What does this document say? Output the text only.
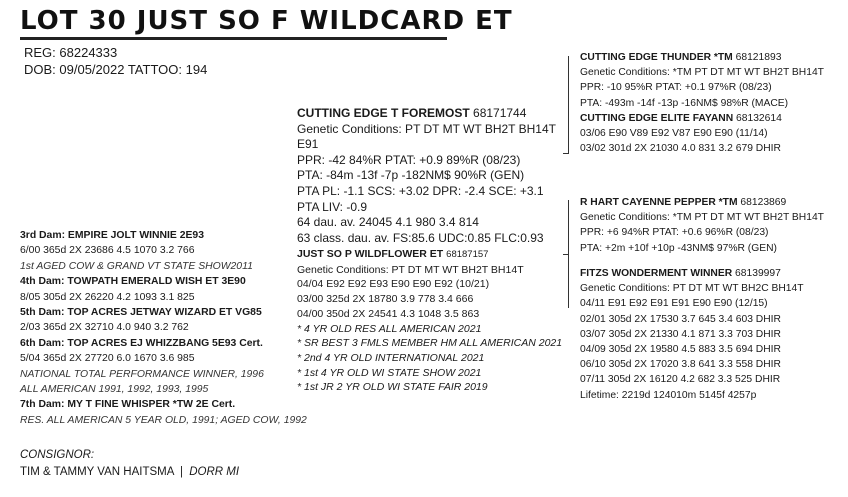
LOT 30 JUST SO F WILDCARD ET
REG: 68224333
DOB: 09/05/2022 TATTOO: 194
CUTTING EDGE T FOREMOST 68171744
Genetic Conditions: PT DT MT WT BH2T BH14T
E91
PPR: -42 84%R PTAT: +0.9 89%R (08/23)
PTA: -84m -13f -7p -182NM$ 90%R (GEN)
PTA PL: -1.1 SCS: +3.02 DPR: -2.4 SCE: +3.1
PTA LIV: -0.9
64 dau. av. 24045 4.1 980 3.4 814
63 class. dau. av. FS:85.6 UDC:0.85 FLC:0.93
JUST SO P WILDFLOWER ET 68187157
Genetic Conditions: PT DT MT WT BH2T BH14T
04/04 E92 E92 E93 E90 E90 E92 (10/21)
03/00 325d 2X 18780 3.9 778 3.4 666
04/00 350d 2X 24541 4.3 1048 3.5 863
* 4 YR OLD RES ALL AMERICAN 2021
* SR BEST 3 FMLS MEMBER HM ALL AMERICAN 2021
* 2nd 4 YR OLD INTERNATIONAL 2021
* 1st 4 YR OLD WI STATE SHOW 2021
* 1st JR 2 YR OLD WI STATE FAIR 2019
3rd Dam: EMPIRE JOLT WINNIE 2E93
6/00 365d 2X 23686 4.5 1070 3.2 766
1st AGED COW & GRAND VT STATE SHOW2011
4th Dam: TOWPATH EMERALD WISH ET 3E90
8/05 305d 2X 26220 4.2 1093 3.1 825
5th Dam: TOP ACRES JETWAY WIZARD ET VG85
2/03 365d 2X 32710 4.0 940 3.2 762
6th Dam: TOP ACRES EJ WHIZZBANG 5E93 Cert.
5/04 365d 2X 27720 6.0 1670 3.6 985
NATIONAL TOTAL PERFORMANCE WINNER, 1996
ALL AMERICAN 1991, 1992, 1993, 1995
7th Dam: MY T FINE WHISPER *TW 2E Cert.
RES. ALL AMERICAN 5 YEAR OLD, 1991; AGED COW, 1992
CUTTING EDGE THUNDER *TM 68121893
Genetic Conditions: *TM PT DT MT WT BH2T BH14T
PPR: -10 95%R PTAT: +0.1 97%R (08/23)
PTA: -493m -14f -13p -16NM$ 98%R (MACE)
CUTTING EDGE ELITE FAYANN 68132614
03/06 E90 V89 E92 V87 E90 E90 (11/14)
03/02 301d 2X 21030 4.0 831 3.2 679 DHIR
R HART CAYENNE PEPPER *TM 68123869
Genetic Conditions: *TM PT DT MT WT BH2T BH14T
PPR: +6 94%R PTAT: +0.6 96%R (08/23)
PTA: +2m +10f +10p -43NM$ 97%R (GEN)
FITZS WONDERMENT WINNER 68139997
Genetic Conditions: PT DT MT WT BH2C BH14T
04/11 E91 E92 E91 E91 E90 E90 (12/15)
02/01 305d 2X 17530 3.7 645 3.4 603 DHIR
03/07 305d 2X 21330 4.1 871 3.3 703 DHIR
04/09 305d 2X 19580 4.5 883 3.5 694 DHIR
06/10 305d 2X 17020 3.8 641 3.3 558 DHIR
07/11 305d 2X 16120 4.2 682 3.3 525 DHIR
Lifetime: 2219d 124010m 5145f 4257p
CONSIGNOR:
TIM & TAMMY VAN HAITSMA | DORR MI
